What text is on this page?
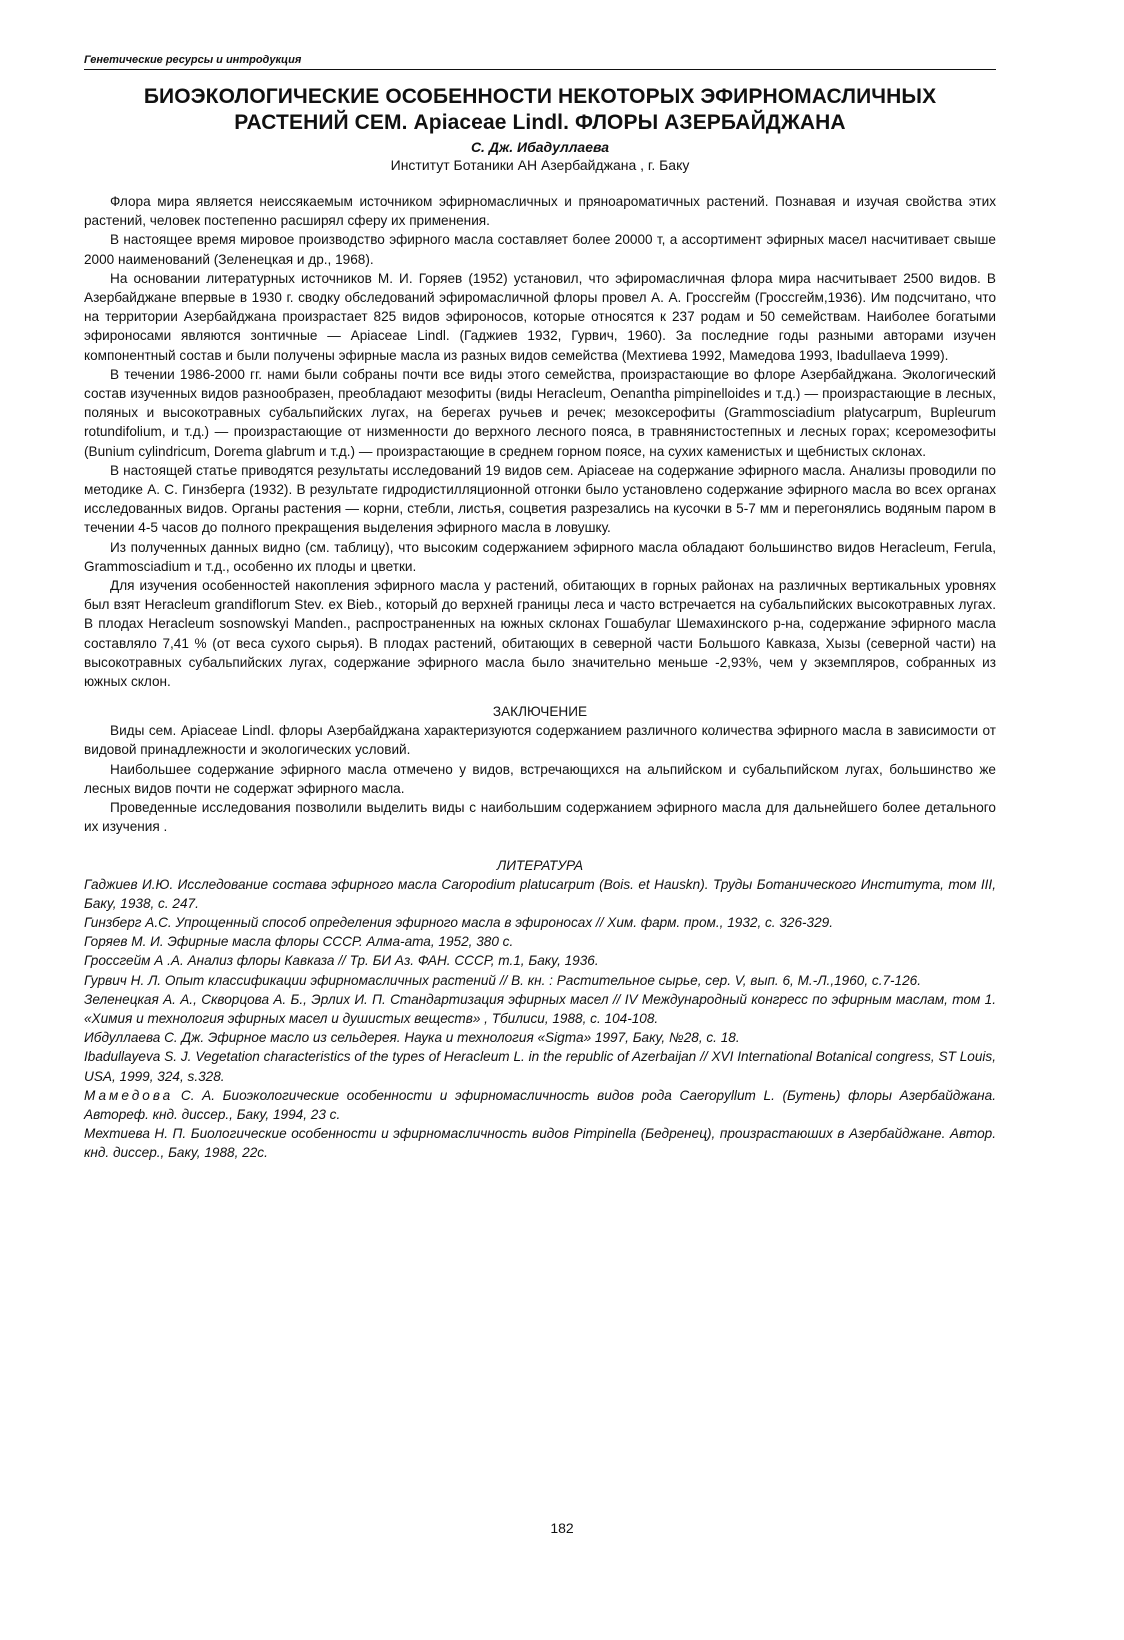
Генетические ресурсы и интродукция
БИОЭКОЛОГИЧЕСКИЕ ОСОБЕННОСТИ НЕКОТОРЫХ ЭФИРНОМАСЛИЧНЫХ
РАСТЕНИЙ СЕМ. Apiaceae Lindl. ФЛОРЫ АЗЕРБАЙДЖАНА
С. Дж. Ибадуллаева
Институт Ботаники АН Азербайджана , г. Баку

Флора мира является неиссякаемым источником эфирномасличных и пряноароматичных растений. Познавая и изучая свойства этих растений, человек постепенно расширял сферу их применения.

В настоящее время мировое производство эфирного масла составляет более 20000 т, а ассортимент эфирных масел насчитивает свыше 2000 наименований (Зеленецкая и др., 1968).

На основании литературных источников М. И. Горяев (1952) установил, что эфиромасличная флора мира насчитывает 2500 видов. В Азербайджане впервые в 1930 г. сводку обследований эфиромасличной флоры провел А. А. Гроссгейм (Гроссгейм,1936). Им подсчитано, что на территории Азербайджана произрастает 825 видов эфироносов, которые относятся к 237 родам и 50 семействам. Наиболее богатыми эфироносами являются зонтичные — Apiaceae Lindl. (Гаджиев 1932, Гурвич, 1960). За последние годы разными авторами изучен компонентный состав и были получены эфирные масла из разных видов семейства (Мехтиева 1992, Мамедова 1993, Ibadullaeva 1999).

В течении 1986-2000 гг. нами были собраны почти все виды этого семейства, произрастающие во флоре Азербайджана. Экологический состав изученных видов разнообразен, преобладают мезофиты (виды Heracleum, Oenantha pimpinelloides и т.д.) — произрастающие в лесных, поляных и высокотравных субальпийских лугах, на берегах ручьев и речек; мезоксерофиты (Grammosciadium platycarpum, Bupleurum rotundifolium, и т.д.) — произрастающие от низменности до верхного лесного пояса, в травнянистостепных и лесных горах; ксеромезофиты (Bunium cylindricum, Dorema glabrum и т.д.) — произрастающие в среднем горном поясе, на сухих каменистых и щебнистых склонах.

В настоящей статье приводятся результаты исследований 19 видов сем. Apiaceae на содержание эфирного масла. Анализы проводили по методике А. С. Гинзберга (1932). В результате гидродистилляционной отгонки было установлено содержание эфирного масла во всех органах исследованных видов. Органы растения — корни, стебли, листья, соцветия разрезались на кусочки в 5-7 мм и перегонялись водяным паром в течении 4-5 часов до полного прекращения выделения эфирного масла в ловушку.

Из полученных данных видно (см. таблицу), что высоким содержанием эфирного масла обладают большинство видов Heracleum, Ferula, Grammosciadium и т.д., особенно их плоды и цветки.

Для изучения особенностей накопления эфирного масла у растений, обитающих в горных районах на различных вертикальных уровнях был взят Heracleum grandiflorum Stev. ex Bieb., который до верхней границы леса и часто встречается на субальпийских высокотравных лугах. В плодах Heracleum sosnowskyi Manden., распространенных на южных склонах Гошабулаг Шемахинского р-на, содержание эфирного масла составляло 7,41 % (от веса сухого сырья). В плодах растений, обитающих в северной части Большого Кавказа, Хызы (северной части) на высокотравных субальпийских лугах, содержание эфирного масла было значительно меньше -2,93%, чем у экземпляров, собранных из южных склон.

ЗАКЛЮЧЕНИЕ

Виды сем. Apiaceae Lindl. флоры Азербайджана характеризуются содержанием различного количества эфирного масла в зависимости от видовой принадлежности и экологических условий.

Наибольшее содержание эфирного масла отмечено у видов, встречающихся на альпийском и субальпийском лугах, большинство же лесных видов почти не содержат эфирного масла.

Проведенные исследования позволили выделить виды с наибольшим содержанием эфирного масла для дальнейшего более детального их изучения .

ЛИТЕРАТУРА

Гаджиев И.Ю. Исследование состава эфирного масла Caropodium platucarpum (Bois. et Hauskn). Труды Ботанического Института, том III, Баку, 1938, с. 247.

Гинзберг А.С. Упрощенный способ определения эфирного масла в эфироносах // Хим. фарм. пром., 1932, с. 326-329.

Горяев М. И. Эфирные масла флоры СССР. Алма-ата, 1952, 380 с.

Гроссгейм А .А. Анализ флоры Кавказа // Тр. БИ Аз. ФАН. СССР, т.1, Баку, 1936.

Гурвич Н. Л. Опыт классификации эфирномасличных растений // В. кн. : Растительное сырье, сер. V, вып. 6, М.-Л.,1960, с.7-126.

Зеленецкая А. А., Скворцова А. Б., Эрлих И. П. Стандартизация эфирных масел // IV Международный конгресс по эфирным маслам, том 1. «Химия и технология эфирных масел и душистых веществ» , Тбилиси, 1988, с. 104-108.

Ибдуллаева С. Дж. Эфирное масло из сельдерея. Наука и технология «Sigma» 1997, Баку, №28, с. 18.

Ibadullayeva S. J. Vegetation characteristics of the types of Heracleum L. in the republic of Azerbaijan // XVI International Botanical congress, ST Louis, USA, 1999, 324, s.328.

Мамедова С. А. Биоэкологические особенности и эфирномасличность видов рода Caeropyllum L. (Бутень) флоры Азербайджана. Автореф. кнд. диссер., Баку, 1994, 23 с.

Мехтиева Н. П. Биологические особенности и эфирномасличность видов Pimpinella (Бедренец), произрастаюших в Азербайджане. Автор. кнд. диссер., Баку, 1988, 22с.

182
